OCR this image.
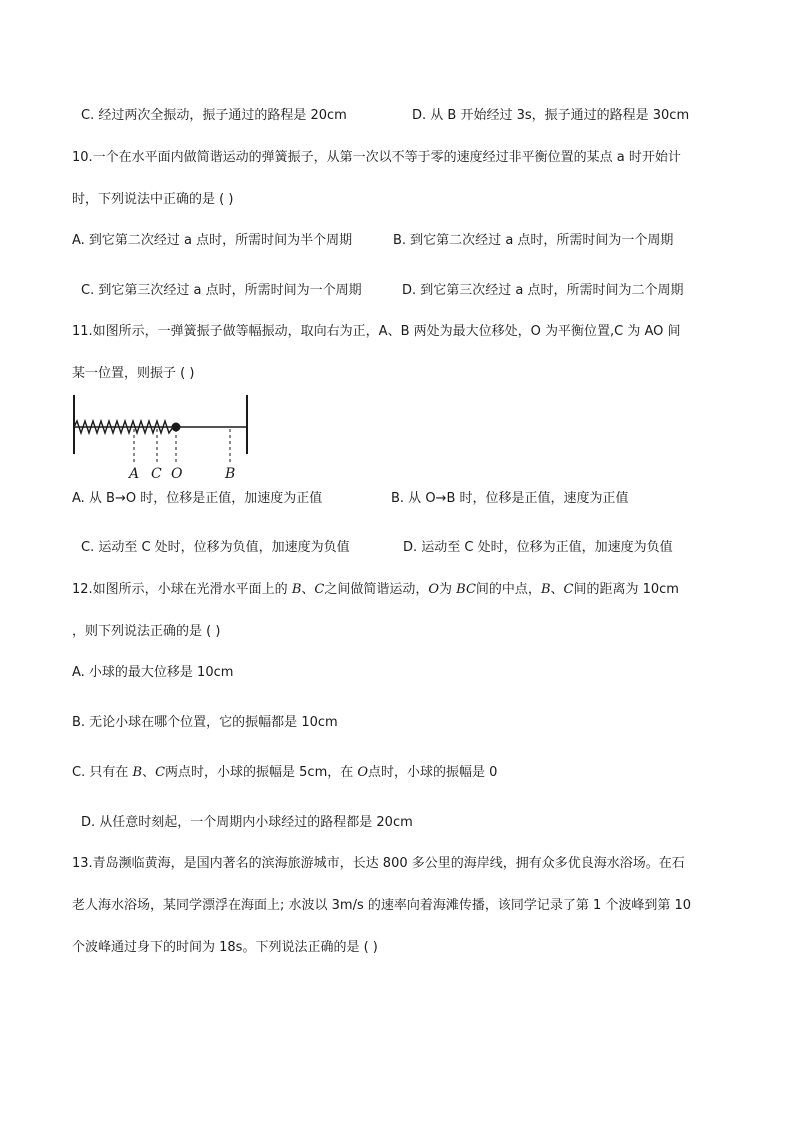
C. 经过两次全振动，振子通过的路程是 20cm	D. 从 B 开始经过 3s，振子通过的路程是 30cm
10.一个在水平面内做简谐运动的弹簧振子，从第一次以不等于零的速度经过非平衡位置的某点 a 时开始计
时，下列说法中正确的是 ( )
A. 到它第二次经过 a 点时，所需时间为半个周期	B. 到它第二次经过 a 点时，所需时间为一个周期
C. 到它第三次经过 a 点时，所需时间为一个周期	D. 到它第三次经过 a 点时，所需时间为二个周期
11.如图所示，一弹簧振子做等幅振动，取向右为正，A、B 两处为最大位移处，O 为平衡位置,C 为 AO 间
某一位置，则振子 ( )
A C O	B
A. 从 B→O 时，位移是正值，加速度为正值	B. 从 O→B 时，位移是正值，速度为正值
C. 运动至 C 处时，位移为负值，加速度为负值	D. 运动至 C 处时，位移为正值，加速度为负值
12.如图所示，小球在光滑水平面上的 B、C之间做简谐运动，O为 BC间的中点，B、C间的距离为 10cm
，则下列说法正确的是 ( )
A. 小球的最大位移是 10cm
B. 无论小球在哪个位置，它的振幅都是 10cm
C. 只有在 B、C两点时，小球的振幅是 5cm，在 O点时，小球的振幅是 0
D. 从任意时刻起，一个周期内小球经过的路程都是 20cm
13.青岛濒临黄海，是国内著名的滨海旅游城市，长达 800 多公里的海岸线，拥有众多优良海水浴场。在石
老人海水浴场，某同学漂浮在海面上; 水波以 3m/s 的速率向着海滩传播，该同学记录了第 1 个波峰到第 10
个波峰通过身下的时间为 18s。下列说法正确的是 ( )
